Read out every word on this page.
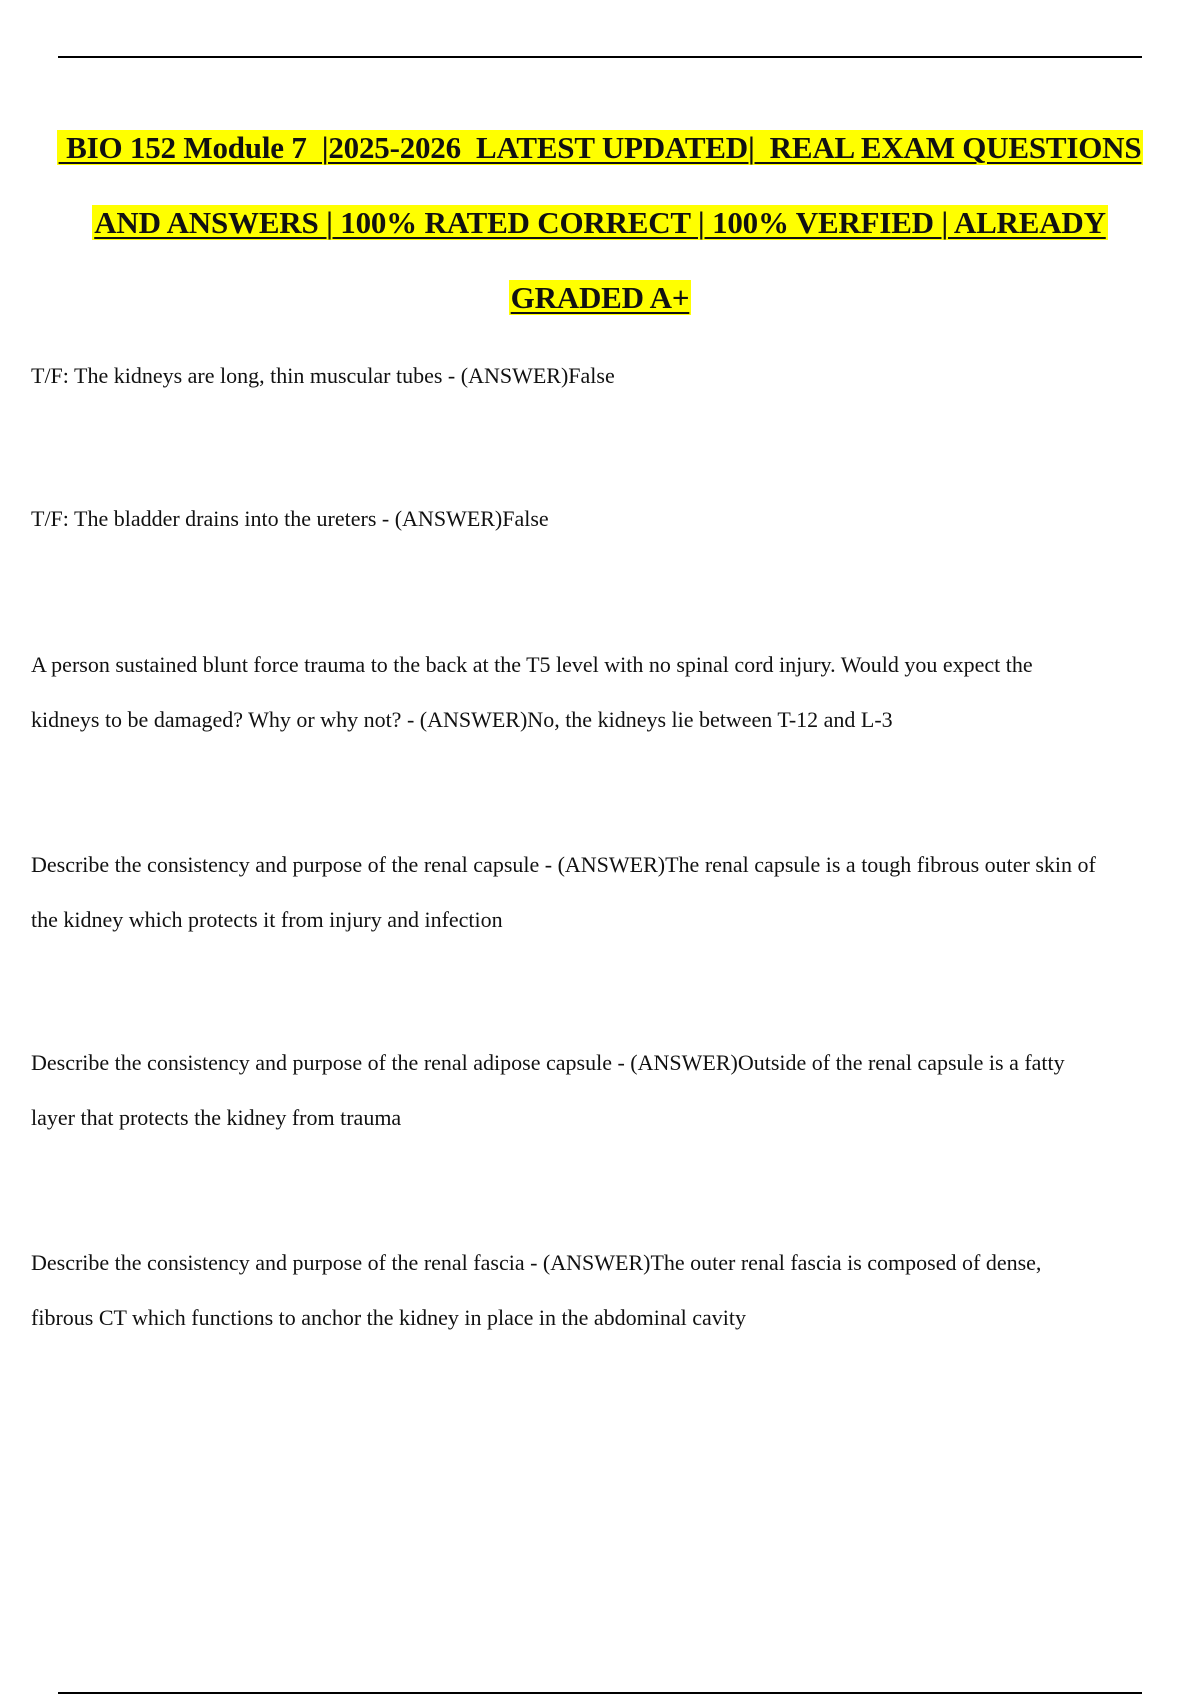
BIO 152 Module 7  |2025-2026  LATEST UPDATED|  REAL EXAM QUESTIONS
AND ANSWERS | 100% RATED CORRECT | 100% VERFIED | ALREADY
GRADED A+

T/F: The kidneys are long, thin muscular tubes - (ANSWER)False

T/F: The bladder drains into the ureters - (ANSWER)False

A person sustained blunt force trauma to the back at the T5 level with no spinal cord injury. Would you expect the
kidneys to be damaged? Why or why not? - (ANSWER)No, the kidneys lie between T-12 and L-3

Describe the consistency and purpose of the renal capsule - (ANSWER)The renal capsule is a tough fibrous outer skin of
the kidney which protects it from injury and infection

Describe the consistency and purpose of the renal adipose capsule - (ANSWER)Outside of the renal capsule is a fatty
layer that protects the kidney from trauma

Describe the consistency and purpose of the renal fascia - (ANSWER)The outer renal fascia is composed of dense,
fibrous CT which functions to anchor the kidney in place in the abdominal cavity
